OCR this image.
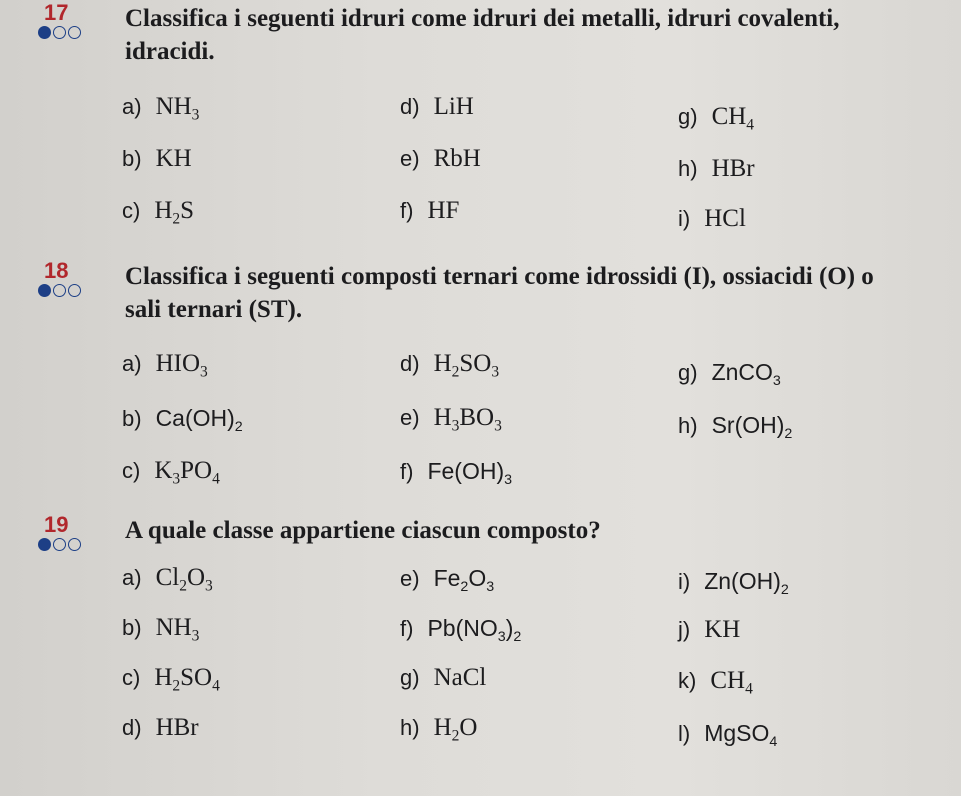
17 Classifica i seguenti idruri come idruri dei metalli, idruri covalenti, idracidi.
a) $NH_3$
b) KH
c) $H_2S$
d) LiH
e) RbH
f) HF
g) $CH_4$
h) HBr
i) HCl
18 Classifica i seguenti composti ternari come idrossidi (I), ossiacidi (O) o sali ternari (ST).
a) $HIO_3$
b) $Ca(OH)_2$
c) $K_3PO_4$
d) $H_2SO_3$
e) $H_3BO_3$
f) $Fe(OH)_3$
g) ZnCO$_3$
h) $Sr(OH)_2$
19 A quale classe appartiene ciascun composto?
a) $Cl_2O_3$
b) $NH_3$
c) $H_2SO_4$
d) HBr
e) $Fe_2O_3$
f) $Pb(NO_3)_2$
g) NaCl
h) $H_2O$
i) $Zn(OH)_2$
j) KH
k) $CH_4$
l) MgSO$_4$
